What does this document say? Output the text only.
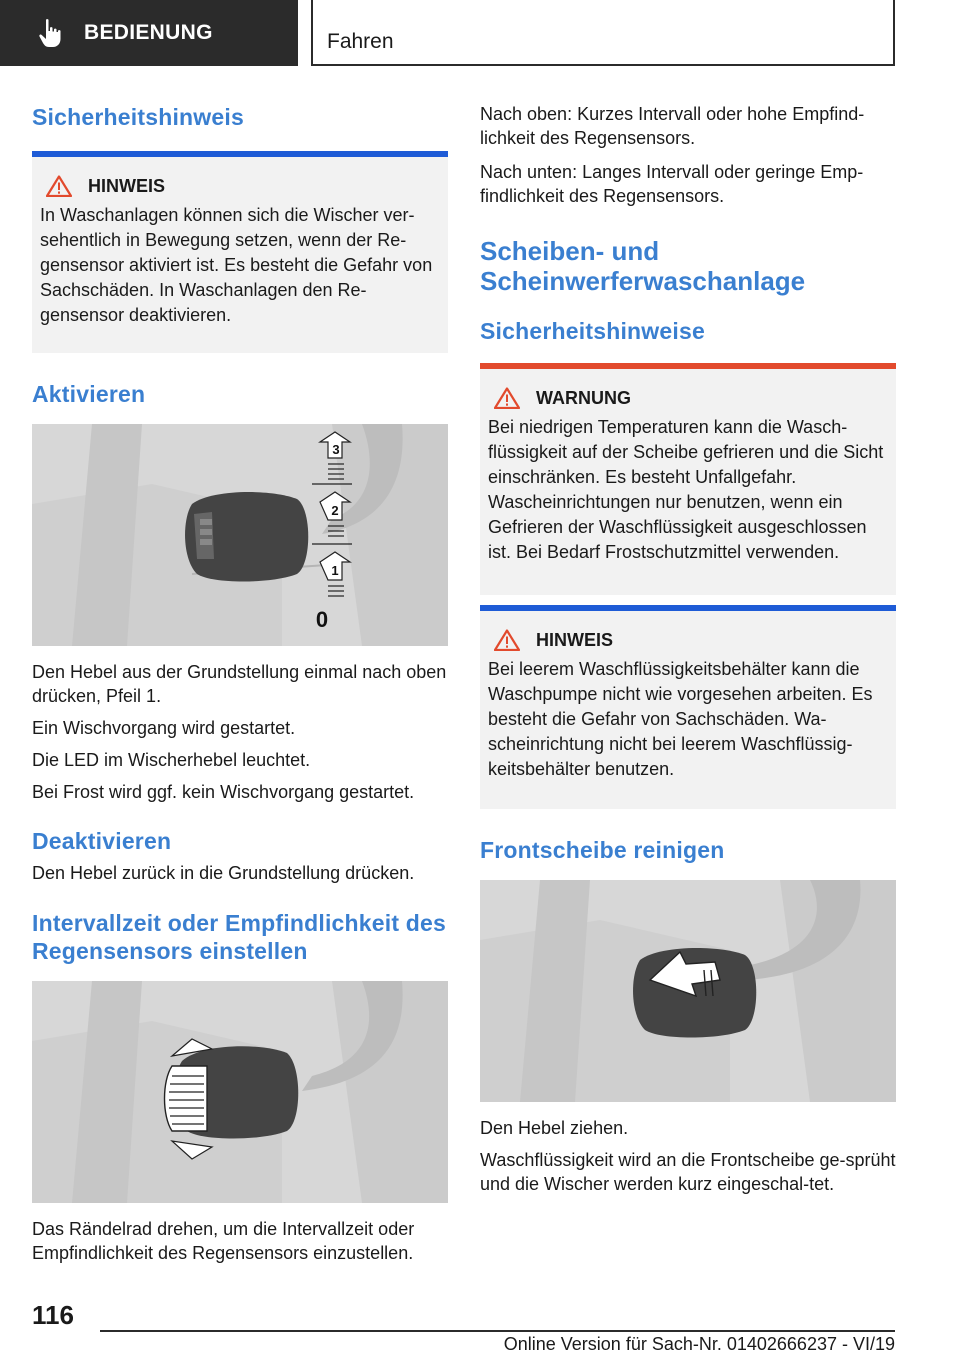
BEDIENUNG	Fahren
Sicherheitshinweis
HINWEIS

In Waschanlagen können sich die Wischer ver-sehentlich in Bewegung setzen, wenn der Re-gensensor aktiviert ist. Es besteht die Gefahr von Sachschäden. In Waschanlagen den Re-gensensor deaktivieren.

Aktivieren
3
2
1
0

Den Hebel aus der Grundstellung einmal nach oben drücken, Pfeil 1.

Ein Wischvorgang wird gestartet.

Die LED im Wischerhebel leuchtet.

Bei Frost wird ggf. kein Wischvorgang gestartet.

Deaktivieren

Den Hebel zurück in die Grundstellung drücken.

Intervallzeit oder Empfindlichkeit des Regensensors einstellen

Das Rändelrad drehen, um die Intervallzeit oder Empfindlichkeit des Regensensors einzustellen.

Nach oben: Kurzes Intervall oder hohe Empfind-lichkeit des Regensensors.

Nach unten: Langes Intervall oder geringe Emp-findlichkeit des Regensensors.

Scheiben- und Scheinwerferwaschanlage
Sicherheitshinweise
WARNUNG

Bei niedrigen Temperaturen kann die Wasch-flüssigkeit auf der Scheibe gefrieren und die Sicht einschränken. Es besteht Unfallgefahr. Wascheinrichtungen nur benutzen, wenn ein Gefrieren der Waschflüssigkeit ausgeschlossen ist. Bei Bedarf Frostschutzmittel verwenden.

HINWEIS

Bei leerem Waschflüssigkeitsbehälter kann die Waschpumpe nicht wie vorgesehen arbeiten. Es besteht die Gefahr von Sachschäden. Wa-scheinrichtung nicht bei leerem Waschflüssig-keitsbehälter benutzen.

Frontscheibe reinigen

Den Hebel ziehen.

Waschflüssigkeit wird an die Frontscheibe ge-sprüht und die Wischer werden kurz eingeschal-tet.

116
Online Version für Sach-Nr. 01402666237 - VI/19
